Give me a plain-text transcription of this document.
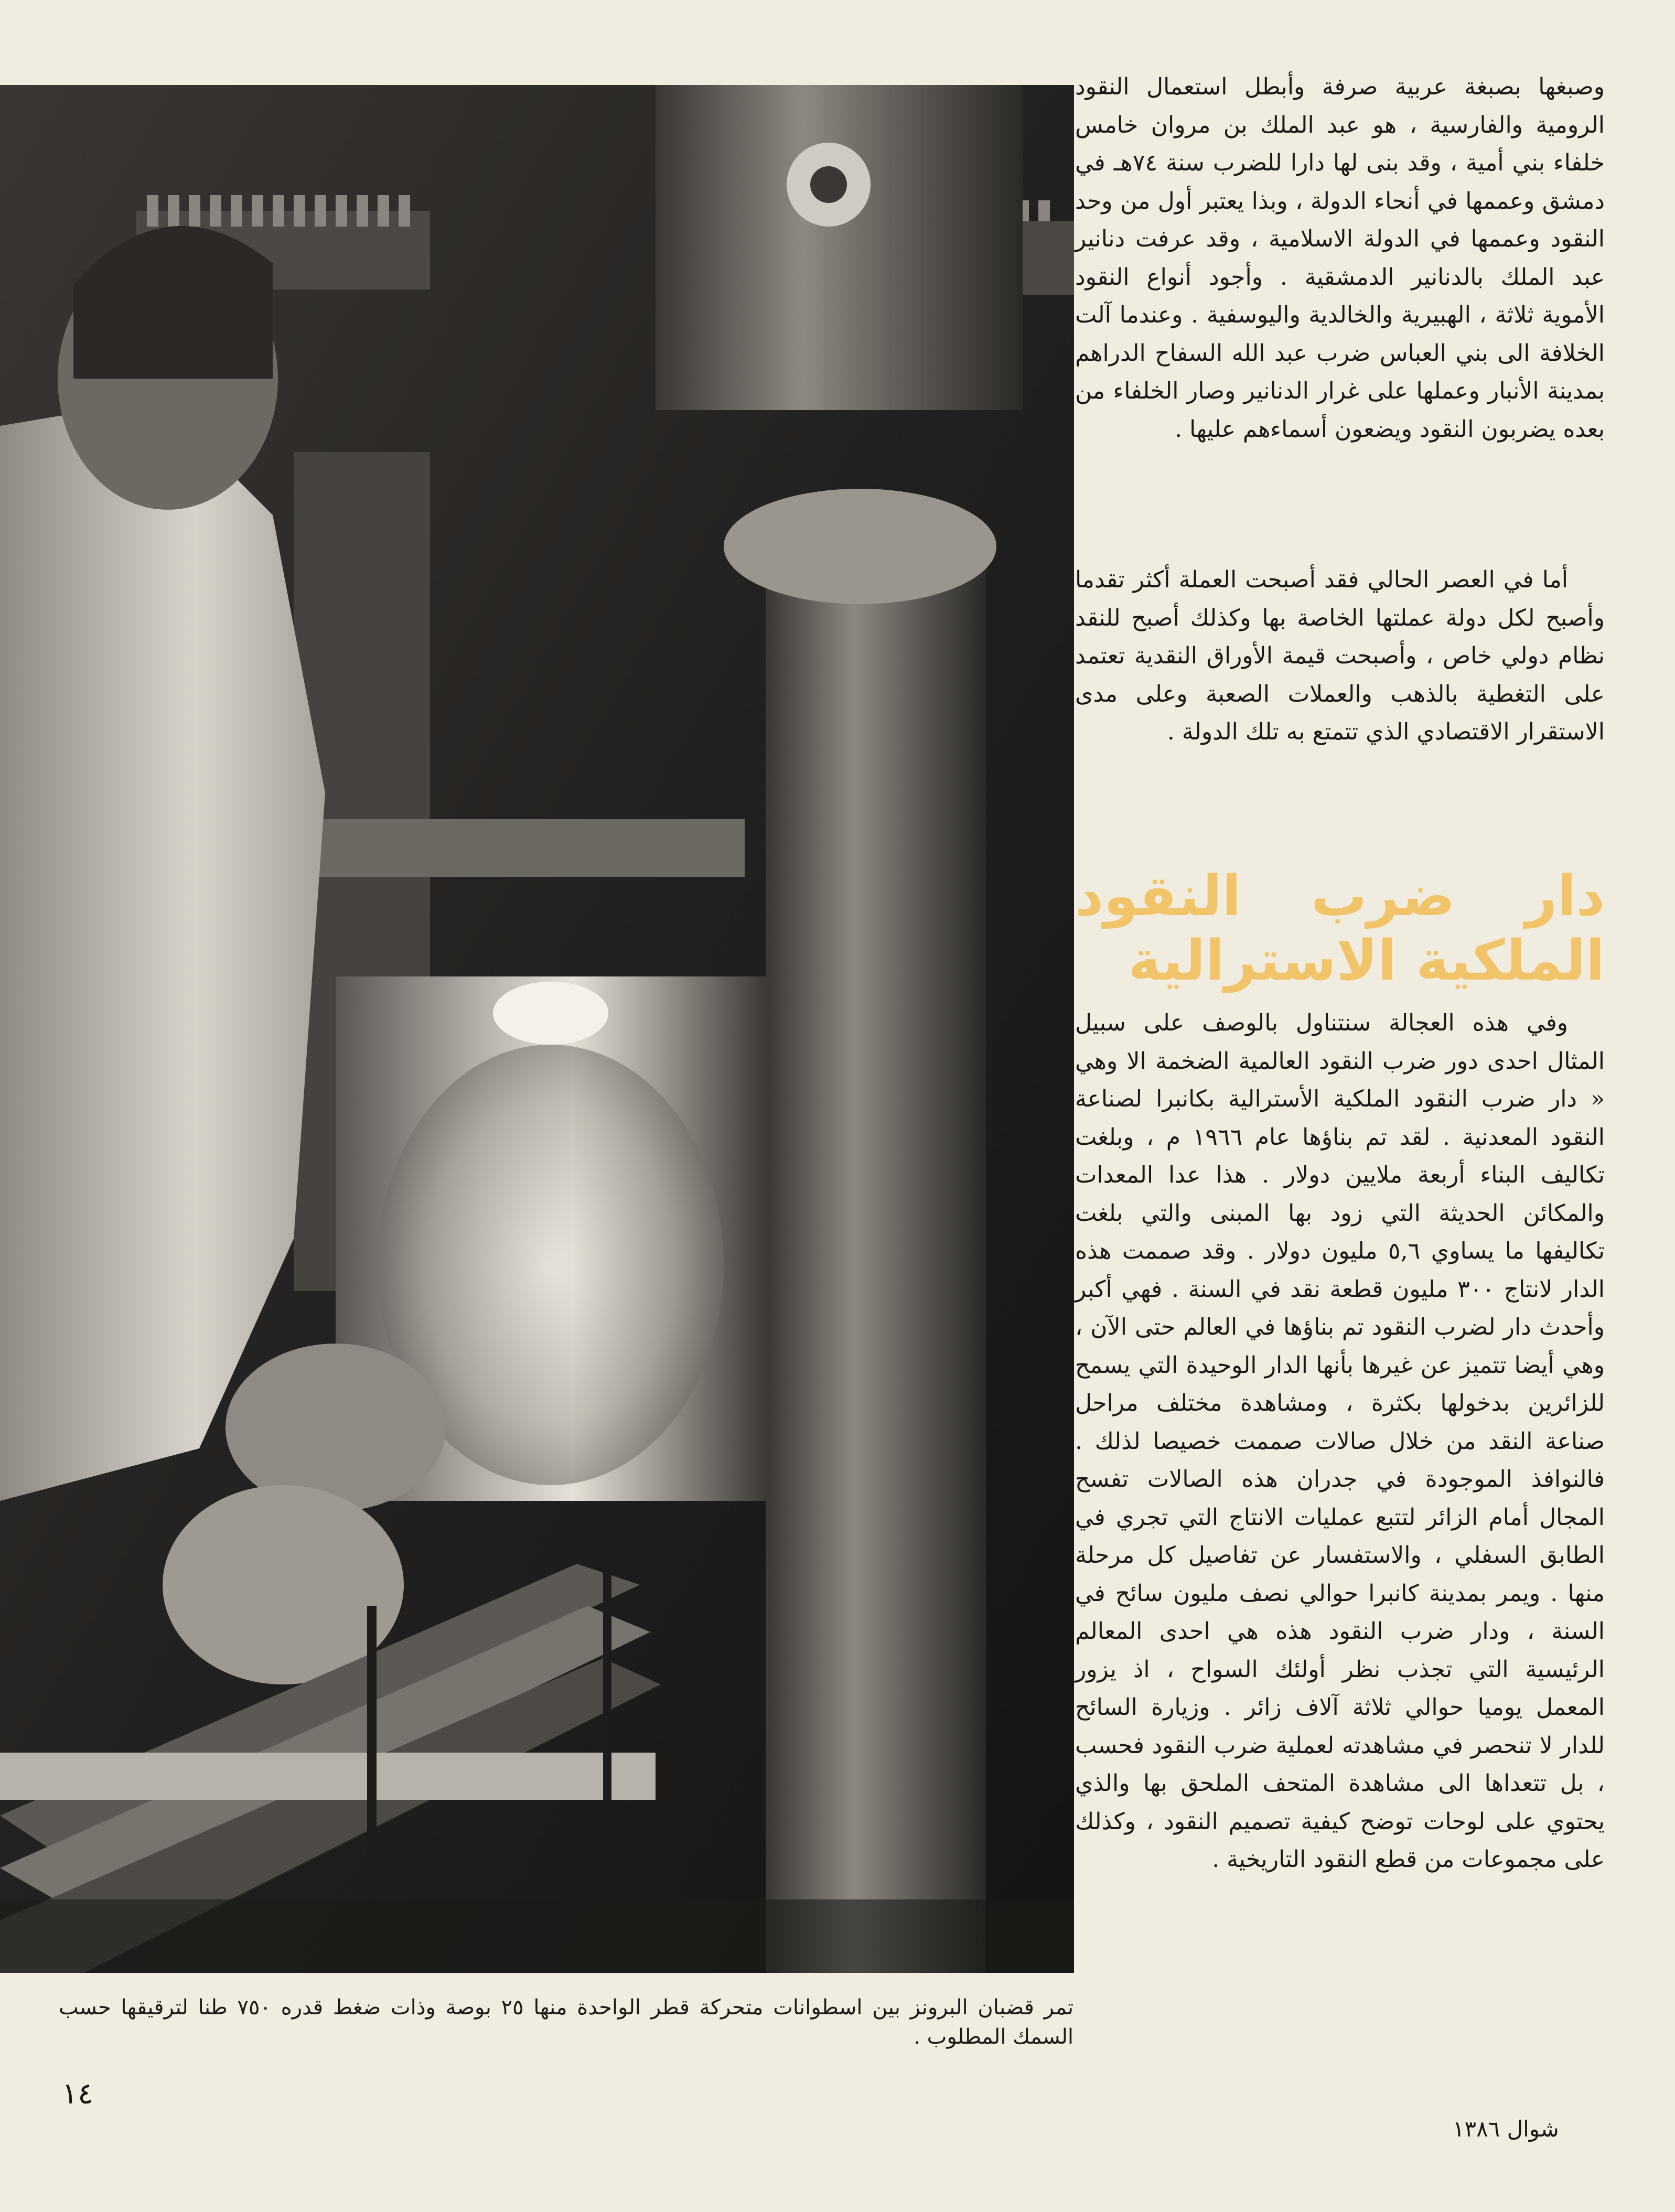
وصبغها بصبغة عربية صرفة وأبطل استعمال النقود الرومية والفارسية ، هو عبد الملك بن مروان خامس خلفاء بني أمية ، وقد بنى لها دارا للضرب سنة ٧٤هـ في دمشق وعممها في أنحاء الدولة ، وبذا يعتبر أول من وحد النقود وعممها في الدولة الاسلامية ، وقد عرفت دنانير عبد الملك بالدنانير الدمشقية . وأجود أنواع النقود الأموية ثلاثة ، الهبيرية والخالدية واليوسفية . وعندما آلت الخلافة الى بني العباس ضرب عبد الله السفاح الدراهم بمدينة الأنبار وعملها على غرار الدنانير وصار الخلفاء من بعده يضربون النقود ويضعون أسماءهم عليها .

أما في العصر الحالي فقد أصبحت العملة أكثر تقدما وأصبح لكل دولة عملتها الخاصة بها وكذلك أصبح للنقد نظام دولي خاص ، وأصبحت قيمة الأوراق النقدية تعتمد على التغطية بالذهب والعملات الصعبة وعلى مدى الاستقرار الاقتصادي الذي تتمتع به تلك الدولة .

دار ضرب النقود الملكية الاسترالية

وفي هذه العجالة سنتناول بالوصف على سبيل المثال احدى دور ضرب النقود العالمية الضخمة الا وهي « دار ضرب النقود الملكية الأسترالية بكانبرا لصناعة النقود المعدنية . لقد تم بناؤها عام ١٩٦٦ م ، وبلغت تكاليف البناء أربعة ملايين دولار . هذا عدا المعدات والمكائن الحديثة التي زود بها المبنى والتي بلغت تكاليفها ما يساوي ٥,٦ مليون دولار . وقد صممت هذه الدار لانتاج ٣٠٠ مليون قطعة نقد في السنة . فهي أكبر وأحدث دار لضرب النقود تم بناؤها في العالم حتى الآن ، وهي أيضا تتميز عن غيرها بأنها الدار الوحيدة التي يسمح للزائرين بدخولها بكثرة ، ومشاهدة مختلف مراحل صناعة النقد من خلال صالات صممت خصيصا لذلك . فالنوافذ الموجودة في جدران هذه الصالات تفسح المجال أمام الزائر لتتبع عمليات الانتاج التي تجري في الطابق السفلي ، والاستفسار عن تفاصيل كل مرحلة منها . ويمر بمدينة كانبرا حوالي نصف مليون سائح في السنة ، ودار ضرب النقود هذه هي احدى المعالم الرئيسية التي تجذب نظر أولئك السواح ، اذ يزور المعمل يوميا حوالي ثلاثة آلاف زائر . وزيارة السائح للدار لا تنحصر في مشاهدته لعملية ضرب النقود فحسب ، بل تتعداها الى مشاهدة المتحف الملحق بها والذي يحتوي على لوحات توضح كيفية تصميم النقود ، وكذلك على مجموعات من قطع النقود التاريخية .

تمر قضبان البرونز بين اسطوانات متحركة قطر الواحدة منها ٢٥ بوصة وذات ضغط قدره ٧٥٠ طنا لترقيقها حسب السمك المطلوب .

١٤
شوال ١٣٨٦
